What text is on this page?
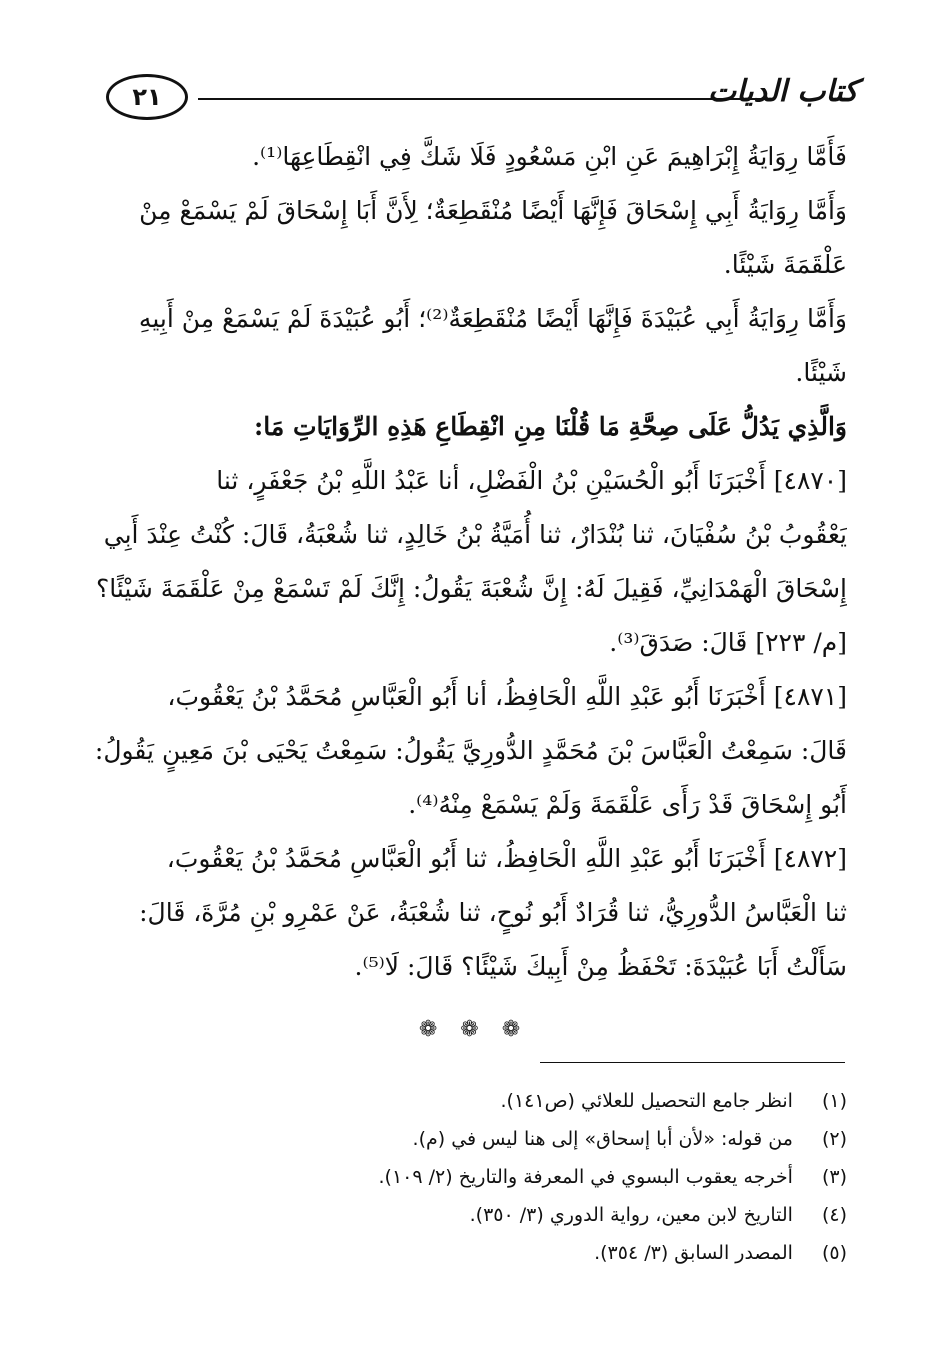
٢١	كتاب الديات
فَأَمَّا رِوَايَةُ إِبْرَاهِيمَ عَنِ ابْنِ مَسْعُودٍ فَلَا شَكَّ فِي انْقِطَاعِهَا⁽¹⁾.
وَأَمَّا رِوَايَةُ أَبِي إِسْحَاقَ فَإِنَّهَا أَيْضًا مُنْقَطِعَةٌ؛ لِأَنَّ أَبَا إِسْحَاقَ لَمْ يَسْمَعْ مِنْ
عَلْقَمَةَ شَيْئًا.
وَأَمَّا رِوَايَةُ أَبِي عُبَيْدَةَ فَإِنَّهَا أَيْضًا مُنْقَطِعَةٌ⁽²⁾؛ أَبُو عُبَيْدَةَ لَمْ يَسْمَعْ مِنْ أَبِيهِ
شَيْئًا.
وَالَّذِي يَدُلُّ عَلَى صِحَّةِ مَا قُلْنَا مِنِ انْقِطَاعِ هَذِهِ الرِّوَايَاتِ مَا:
[٤٨٧٠] أَخْبَرَنَا أَبُو الْحُسَيْنِ بْنُ الْفَضْلِ، أنا عَبْدُ اللَّهِ بْنُ جَعْفَرٍ، ثنا
يَعْقُوبُ بْنُ سُفْيَانَ، ثنا بُنْدَارٌ، ثنا أُمَيَّةُ بْنُ خَالِدٍ، ثنا شُعْبَةُ، قَالَ: كُنْتُ عِنْدَ أَبِي
إِسْحَاقَ الْهَمْدَانِيِّ، فَقِيلَ لَهُ: إِنَّ شُعْبَةَ يَقُولُ: إِنَّكَ لَمْ تَسْمَعْ مِنْ عَلْقَمَةَ شَيْئًا؟
[م/ ٢٢٣] قَالَ: صَدَقَ⁽³⁾.
[٤٨٧١] أَخْبَرَنَا أَبُو عَبْدِ اللَّهِ الْحَافِظُ، أنا أَبُو الْعَبَّاسِ مُحَمَّدُ بْنُ يَعْقُوبَ،
قَالَ: سَمِعْتُ الْعَبَّاسَ بْنَ مُحَمَّدٍ الدُّورِيَّ يَقُولُ: سَمِعْتُ يَحْيَى بْنَ مَعِينٍ يَقُولُ:
أَبُو إِسْحَاقَ قَدْ رَأَى عَلْقَمَةَ وَلَمْ يَسْمَعْ مِنْهُ⁽⁴⁾.
[٤٨٧٢] أَخْبَرَنَا أَبُو عَبْدِ اللَّهِ الْحَافِظُ، ثنا أَبُو الْعَبَّاسِ مُحَمَّدُ بْنُ يَعْقُوبَ،
ثنا الْعَبَّاسُ الدُّورِيُّ، ثنا قُرَادٌ أَبُو نُوحٍ، ثنا شُعْبَةُ، عَنْ عَمْرِو بْنِ مُرَّةَ، قَالَ:
سَأَلْتُ أَبَا عُبَيْدَةَ: تَحْفَظُ مِنْ أَبِيكَ شَيْئًا؟ قَالَ: لَا⁽⁵⁾.
❁ ❁ ❁
(١) انظر جامع التحصيل للعلائي (ص١٤١).
(٢) من قوله: «لأن أبا إسحاق» إلى هنا ليس في (م).
(٣) أخرجه يعقوب البسوي في المعرفة والتاريخ (٢/ ١٠٩).
(٤) التاريخ لابن معين، رواية الدوري (٣/ ٣٥٠).
(٥) المصدر السابق (٣/ ٣٥٤).
